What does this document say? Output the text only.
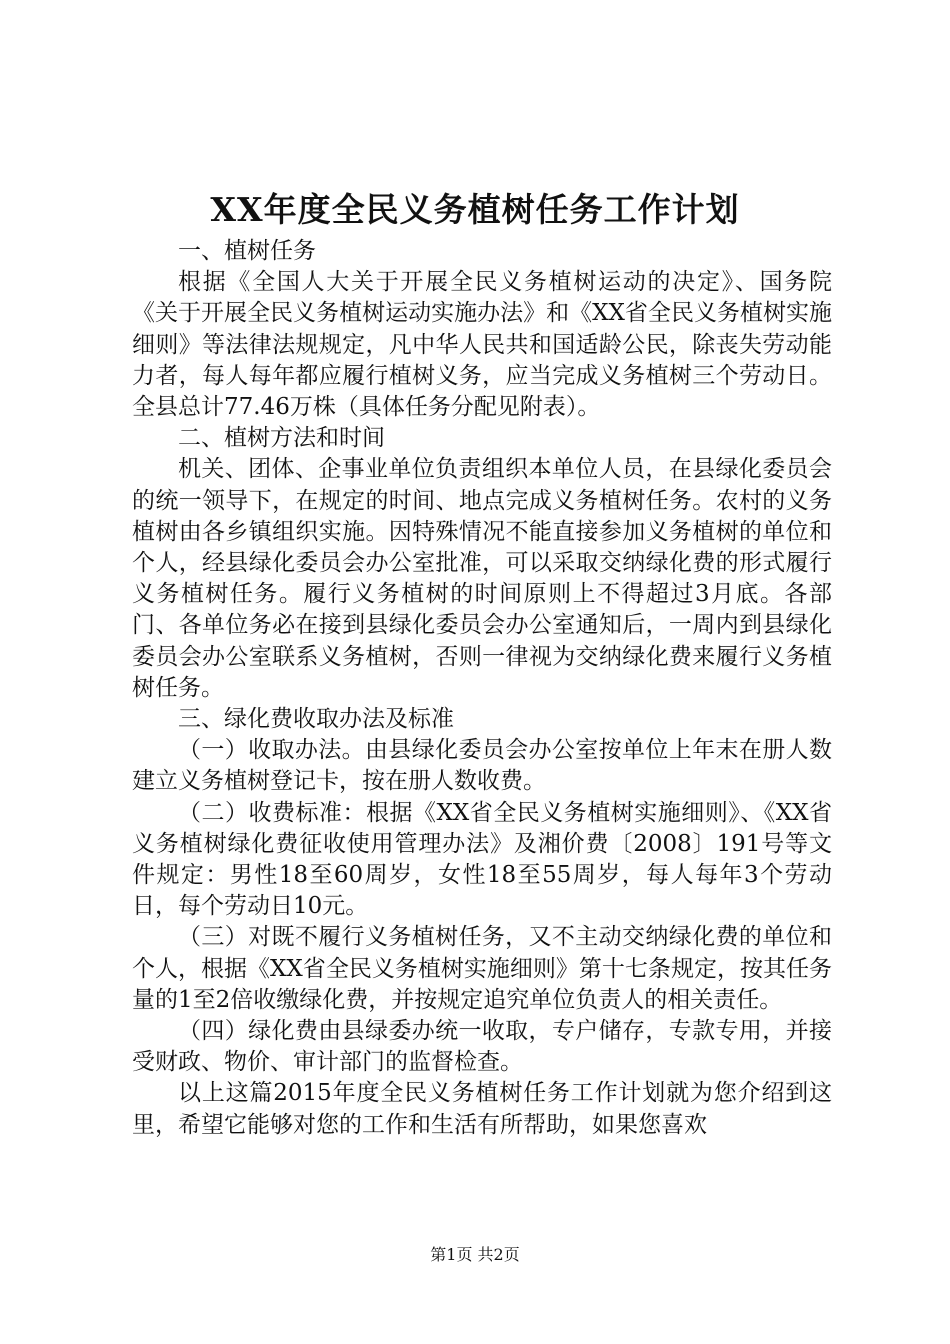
XX年度全民义务植树任务工作计划

一、植树任务

根据《全国人大关于开展全民义务植树运动的决定》、国务院《关于开展全民义务植树运动实施办法》和《XX省全民义务植树实施细则》等法律法规规定，凡中华人民共和国适龄公民，除丧失劳动能力者，每人每年都应履行植树义务，应当完成义务植树三个劳动日。全县总计77.46万株（具体任务分配见附表）。

二、植树方法和时间

机关、团体、企事业单位负责组织本单位人员，在县绿化委员会的统一领导下，在规定的时间、地点完成义务植树任务。农村的义务植树由各乡镇组织实施。因特殊情况不能直接参加义务植树的单位和个人，经县绿化委员会办公室批准，可以采取交纳绿化费的形式履行义务植树任务。履行义务植树的时间原则上不得超过3月底。各部门、各单位务必在接到县绿化委员会办公室通知后，一周内到县绿化委员会办公室联系义务植树，否则一律视为交纳绿化费来履行义务植树任务。

三、绿化费收取办法及标准

（一）收取办法。由县绿化委员会办公室按单位上年末在册人数建立义务植树登记卡，按在册人数收费。

（二）收费标准：根据《XX省全民义务植树实施细则》、《XX省义务植树绿化费征收使用管理办法》及湘价费〔2008〕191号等文件规定：男性18至60周岁，女性18至55周岁，每人每年3个劳动日，每个劳动日10元。

（三）对既不履行义务植树任务，又不主动交纳绿化费的单位和个人，根据《XX省全民义务植树实施细则》第十七条规定，按其任务量的1至2倍收缴绿化费，并按规定追究单位负责人的相关责任。

（四）绿化费由县绿委办统一收取，专户储存，专款专用，并接受财政、物价、审计部门的监督检查。

以上这篇2015年度全民义务植树任务工作计划就为您介绍到这里，希望它能够对您的工作和生活有所帮助，如果您喜欢

第1页 共2页
